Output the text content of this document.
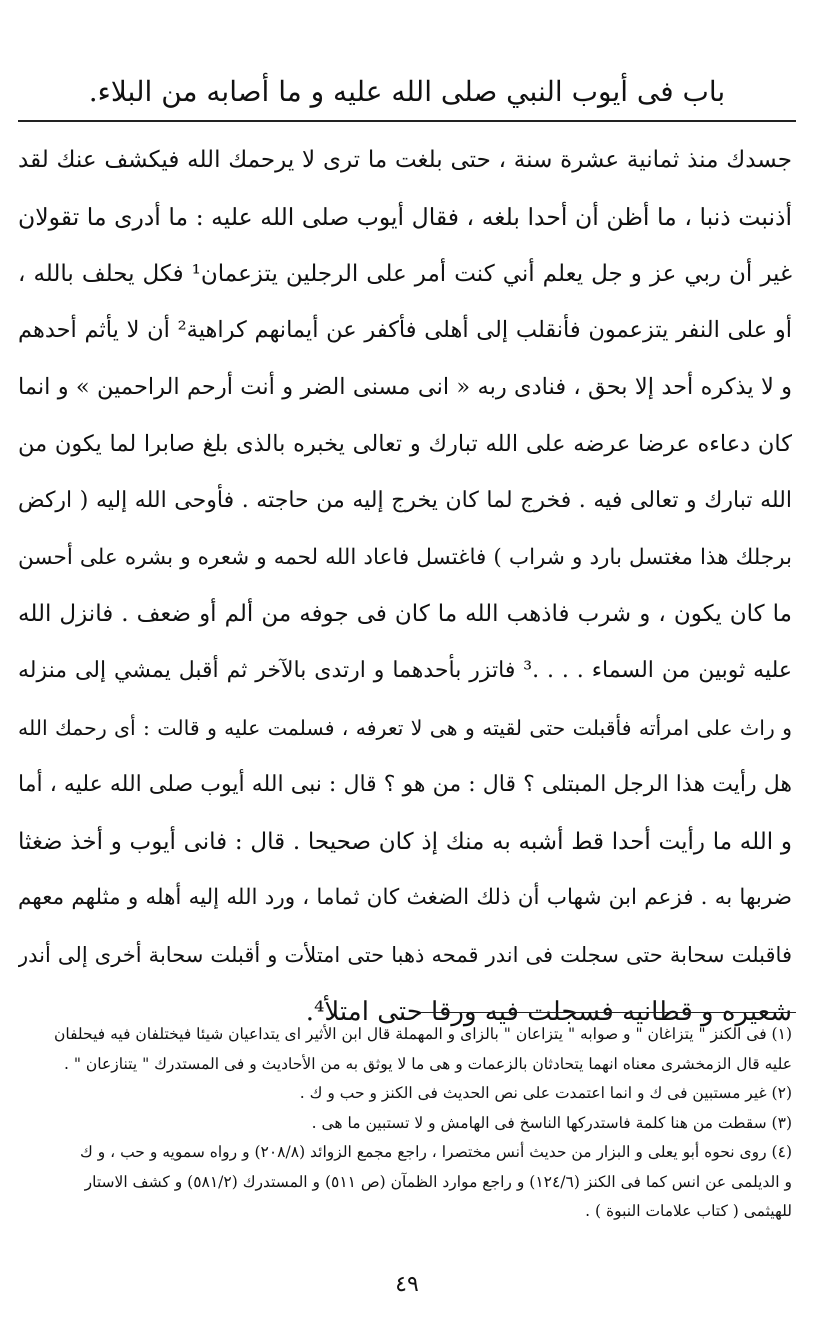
باب فى أيوب النبي صلى الله عليه و ما أصابه من البلاء.
جسدك منذ ثمانية عشرة سنة ، حتى بلغت ما ترى لا يرحمك الله فيكشف عنك لقد
أذنبت ذنبا ، ما أظن أن أحدا بلغه ، فقال أيوب صلى الله عليه : ما أدرى ما تقولان
غير أن ربي عز و جل يعلم أني كنت أمر على الرجلين يتزعمان¹ فكل يحلف بالله ،
أو على النفر يتزعمون فأنقلب إلى أهلى فأكفر عن أيمانهم كراهية² أن لا يأثم أحدهم
و لا يذكره أحد إلا بحق ، فنادى ربه « انى مسنى الضر و أنت أرحم الراحمين » و انما
كان دعاءه عرضا عرضه على الله تبارك و تعالى يخبره بالذى بلغ صابرا لما يكون من
الله تبارك و تعالى فيه . فخرج لما كان يخرج إليه من حاجته . فأوحى الله إليه ( اركض
برجلك هذا مغتسل بارد و شراب ) فاغتسل فاعاد الله لحمه و شعره و بشره على أحسن
ما كان يكون ، و شرب فاذهب الله ما كان فى جوفه من ألم أو ضعف . فانزل الله
عليه ثوبين من السماء . . . .³ فاتزر بأحدهما و ارتدى بالآخر ثم أقبل يمشي إلى منزله
و راث على امرأته فأقبلت حتى لقيته و هى لا تعرفه ، فسلمت عليه و قالت : أى رحمك الله
هل رأيت هذا الرجل المبتلى ؟ قال : من هو ؟ قال : نبى الله أيوب صلى الله عليه ، أما
و الله ما رأيت أحدا قط أشبه به منك إذ كان صحيحا . قال : فانى أيوب و أخذ ضغثا
ضربها به . فزعم ابن شهاب أن ذلك الضغث كان ثماما ، ورد الله إليه أهله و مثلهم معهم
فاقبلت سحابة حتى سجلت فى اندر قمحه ذهبا حتى امتلأت و أقبلت سحابة أخرى إلى أندر
شعيره و قطانيه فسجلت فيه ورقا حتى امتلأ⁴.
(١) فى الكنز " يتزاغان " و صوابه " يتزاعان " بالزاى و المهملة قال ابن الأثير اى يتداعيان شيئا فيختلفان فيه فيحلفان
عليه قال الزمخشرى معناه انهما يتحادثان بالزعمات و هى ما لا يوثق به من الأحاديث و فى المستدرك " يتنازعان " .
(٢) غير مستبين فى ك و انما اعتمدت على نص الحديث فى الكنز و حب و ك .
(٣) سقطت من هنا كلمة فاستدركها الناسخ فى الهامش و لا تستبين ما هى .
(٤) روى نحوه أبو يعلى و البزار من حديث أنس مختصرا ، راجع مجمع الزوائد (٢٠٨/٨) و رواه سمويه و حب ، و ك
و الديلمى عن انس كما فى الكنز (١٢٤/٦) و راجع موارد الظمآن (ص ٥١١) و المستدرك (٥٨١/٢) و كشف الاستار
للهيثمى ( كتاب علامات النبوة ) .
٤٩
